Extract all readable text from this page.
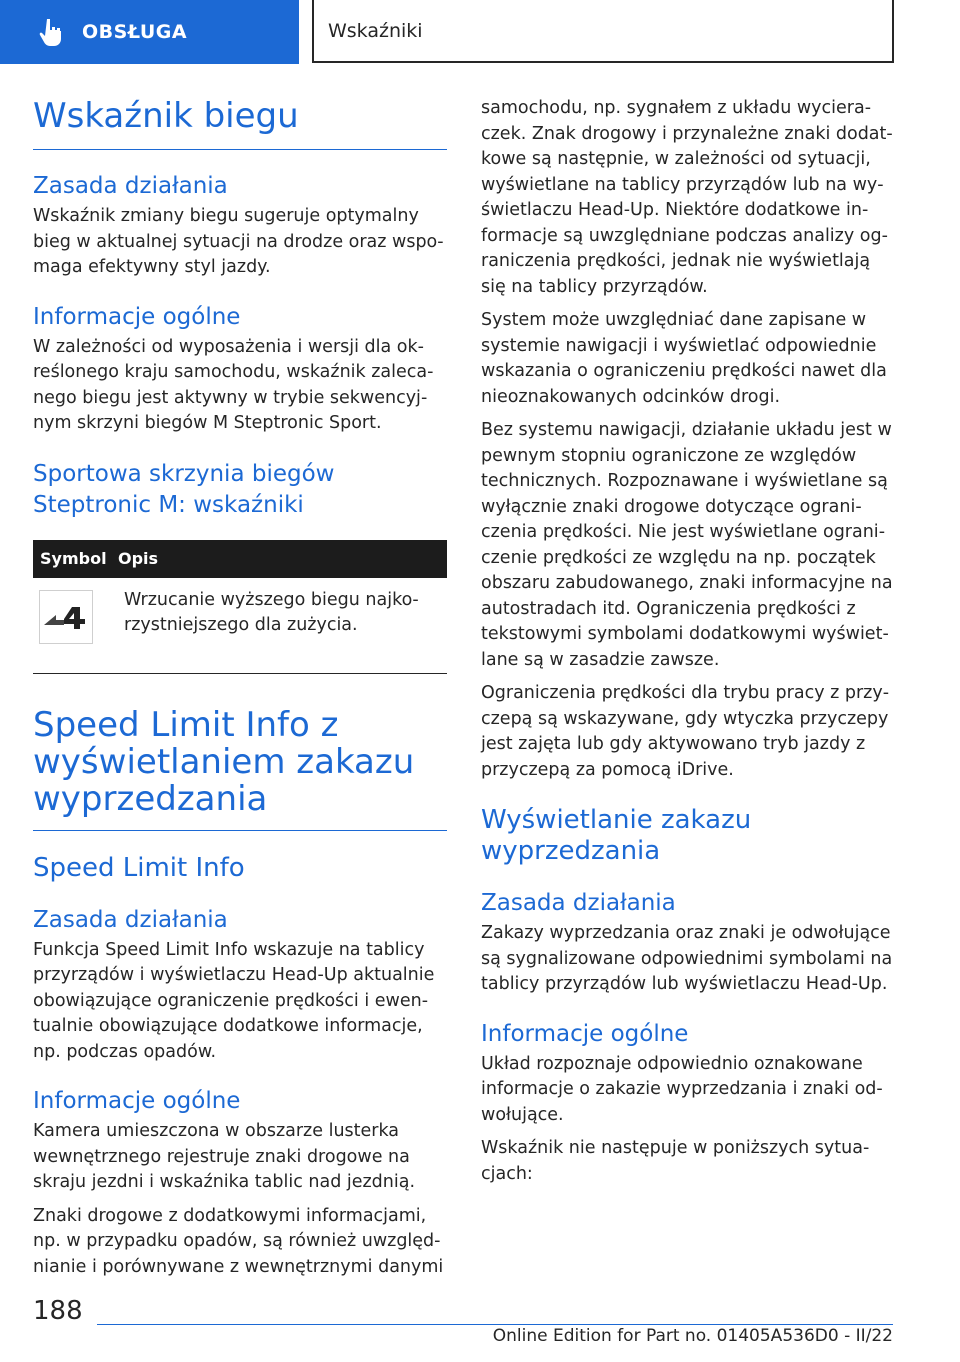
OBSŁUGA	Wskaźniki
Wskaźnik biegu
Zasada działania

Wskaźnik zmiany biegu sugeruje optymalny bieg w aktualnej sytuacji na drodze oraz wspomaga efektywny styl jazdy.

Informacje ogólne

W zależności od wyposażenia i wersji dla określonego kraju samochodu, wskaźnik zalecanego biegu jest aktywny w trybie sekwencyjnym skrzyni biegów M Steptronic Sport.

Sportowa skrzynia biegów Steptronic M: wskaźniki
Symbol Opis

Wrzucanie wyższego biegu najkorzystniejszego dla zużycia.

Speed Limit Info z wyświetlaniem zakazu wyprzedzania
Speed Limit Info
Zasada działania

Funkcja Speed Limit Info wskazuje na tablicy przyrządów i wyświetlaczu Head-Up aktualnie obowiązujące ograniczenie prędkości i ewentualnie obowiązujące dodatkowe informacje, np. podczas opadów.

Informacje ogólne

Kamera umieszczona w obszarze lusterka wewnętrznego rejestruje znaki drogowe na skraju jezdni i wskaźnika tablic nad jezdnią.

Znaki drogowe z dodatkowymi informacjami, np. w przypadku opadów, są również uwzględnianie i porównywane z wewnętrznymi danymi

samochodu, np. sygnałem z układu wycieraczek. Znak drogowy i przynależne znaki dodatkowe są następnie, w zależności od sytuacji, wyświetlane na tablicy przyrządów lub na wyświetlaczu Head-Up. Niektóre dodatkowe informacje są uwzględniane podczas analizy ograniczenia prędkości, jednak nie wyświetlają się na tablicy przyrządów.

System może uwzględniać dane zapisane w systemie nawigacji i wyświetlać odpowiednie wskazania o ograniczeniu prędkości nawet dla nieoznakowanych odcinków drogi.

Bez systemu nawigacji, działanie układu jest w pewnym stopniu ograniczone ze względów technicznych. Rozpoznawane i wyświetlane są wyłącznie znaki drogowe dotyczące ograniczenia prędkości. Nie jest wyświetlane ograniczenie prędkości ze względu na np. początek obszaru zabudowanego, znaki informacyjne na autostradach itd. Ograniczenia prędkości z tekstowymi symbolami dodatkowymi wyświetlane są w zasadzie zawsze.

Ograniczenia prędkości dla trybu pracy z przyczepą są wskazywane, gdy wtyczka przyczepy jest zajęta lub gdy aktywowano tryb jazdy z przyczepą za pomocą iDrive.

Wyświetlanie zakazu wyprzedzania
Zasada działania

Zakazy wyprzedzania oraz znaki je odwołujące są sygnalizowane odpowiednimi symbolami na tablicy przyrządów lub wyświetlaczu Head-Up.

Informacje ogólne

Układ rozpoznaje odpowiednio oznakowane informacje o zakazie wyprzedzania i znaki odwołujące.

Wskaźnik nie następuje w poniższych sytuacjach:

188
Online Edition for Part no. 01405A536D0 - II/22
